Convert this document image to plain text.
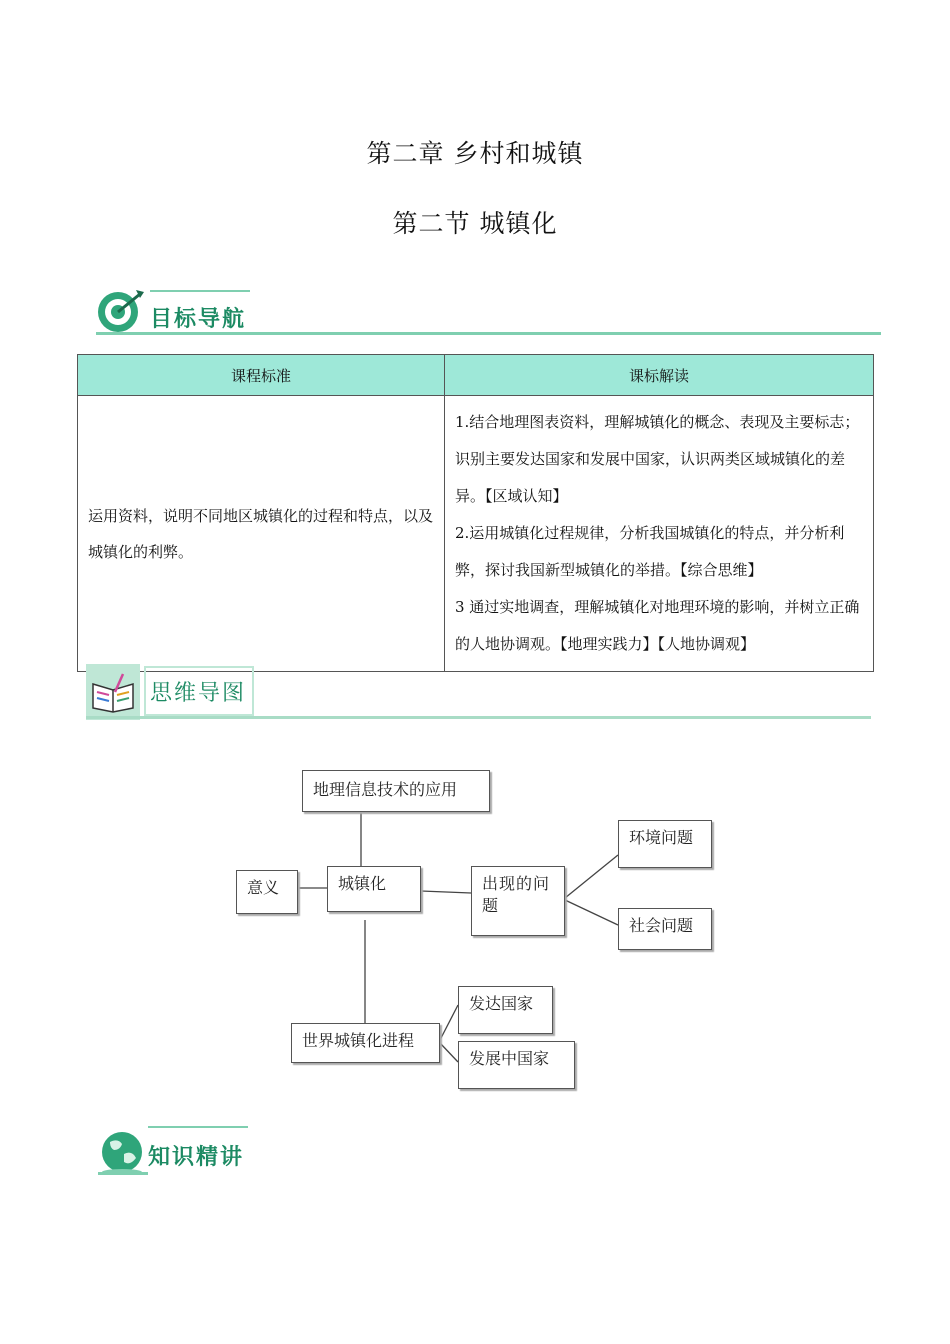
第二章 乡村和城镇
第二节 城镇化
目标导航
课程标准	课标解读
运用资料，说明不同地区城镇化的过程和特点，以及城镇化的利弊。	1.结合地理图表资料，理解城镇化的概念、表现及主要标志；识别主要发达国家和发展中国家，认识两类区域城镇化的差异。【区域认知】

2.运用城镇化过程规律，分析我国城镇化的特点，并分析利弊，探讨我国新型城镇化的举措。【综合思维】

3 通过实地调查，理解城镇化对地理环境的影响，并树立正确的人地协调观。【地理实践力】【人地协调观】

思维导图
地理信息技术的应用
意义	城镇化	出现的问题
环境问题
社会问题
世界城镇化进程
发达国家
发展中国家
知识精讲
